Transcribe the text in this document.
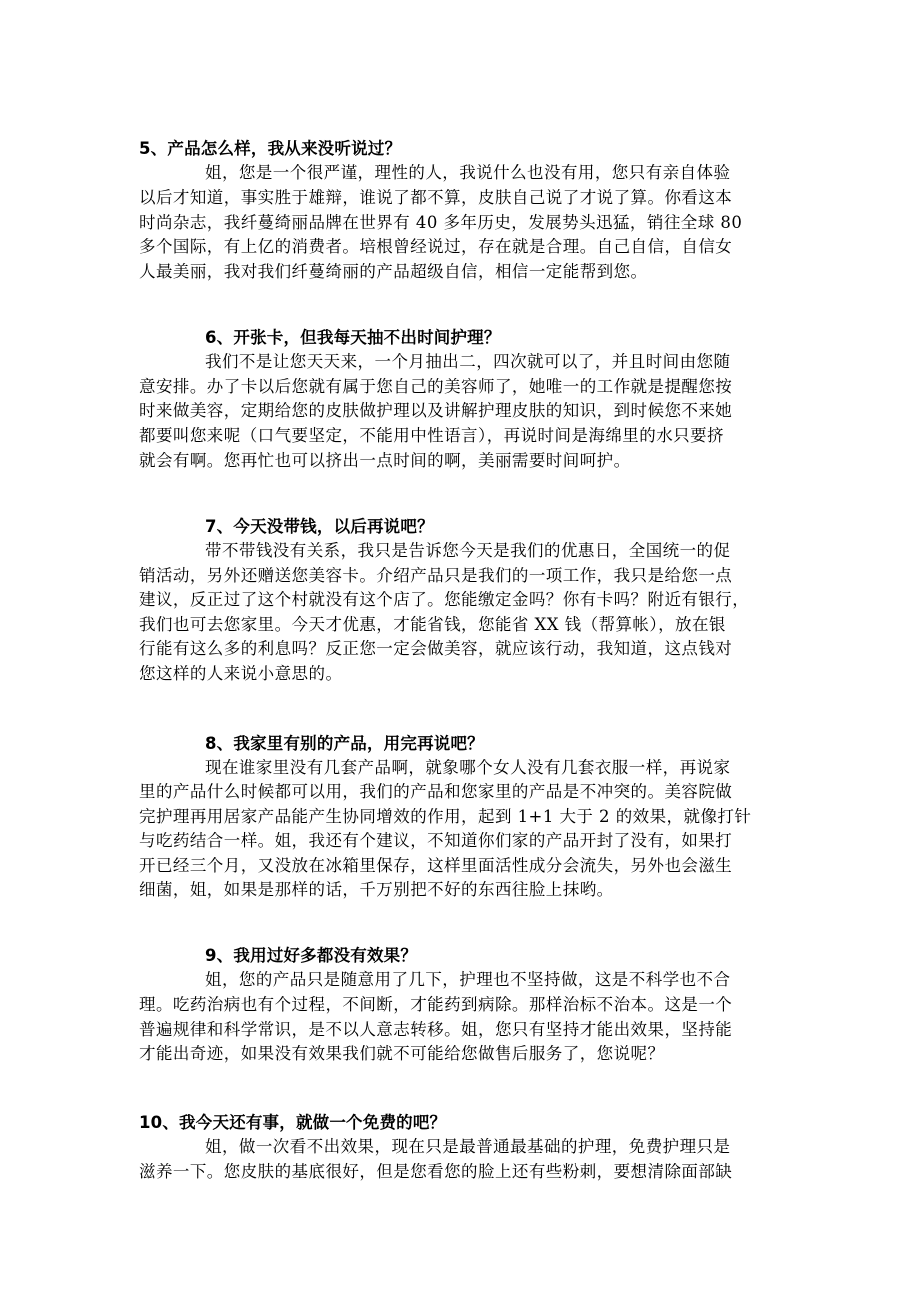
5、产品怎么样，我从来没听说过？
姐，您是一个很严谨，理性的人，我说什么也没有用，您只有亲自体验
以后才知道，事实胜于雄辩，谁说了都不算，皮肤自己说了才说了算。你看这本
时尚杂志，我纤蔓绮丽品牌在世界有 40 多年历史，发展势头迅猛，销往全球 80
多个国际，有上亿的消费者。培根曾经说过，存在就是合理。自己自信，自信女
人最美丽，我对我们纤蔓绮丽的产品超级自信，相信一定能帮到您。
6、开张卡，但我每天抽不出时间护理？
我们不是让您天天来，一个月抽出二，四次就可以了，并且时间由您随
意安排。办了卡以后您就有属于您自己的美容师了，她唯一的工作就是提醒您按
时来做美容，定期给您的皮肤做护理以及讲解护理皮肤的知识，到时候您不来她
都要叫您来呢（口气要坚定，不能用中性语言），再说时间是海绵里的水只要挤
就会有啊。您再忙也可以挤出一点时间的啊，美丽需要时间呵护。
7、今天没带钱，以后再说吧？
带不带钱没有关系，我只是告诉您今天是我们的优惠日，全国统一的促
销活动，另外还赠送您美容卡。介绍产品只是我们的一项工作，我只是给您一点
建议，反正过了这个村就没有这个店了。您能缴定金吗？你有卡吗？附近有银行，
我们也可去您家里。今天才优惠，才能省钱，您能省 XX 钱（帮算帐），放在银
行能有这么多的利息吗？反正您一定会做美容，就应该行动，我知道，这点钱对
您这样的人来说小意思的。
8、我家里有别的产品，用完再说吧？
现在谁家里没有几套产品啊，就象哪个女人没有几套衣服一样，再说家
里的产品什么时候都可以用，我们的产品和您家里的产品是不冲突的。美容院做
完护理再用居家产品能产生协同增效的作用，起到 1+1 大于 2 的效果，就像打针
与吃药结合一样。姐，我还有个建议，不知道你们家的产品开封了没有，如果打
开已经三个月，又没放在冰箱里保存，这样里面活性成分会流失，另外也会滋生
细菌，姐，如果是那样的话，千万别把不好的东西往脸上抹哟。
9、我用过好多都没有效果？
姐，您的产品只是随意用了几下，护理也不坚持做，这是不科学也不合
理。吃药治病也有个过程，不间断，才能药到病除。那样治标不治本。这是一个
普遍规律和科学常识，是不以人意志转移。姐，您只有坚持才能出效果，坚持能
才能出奇迹，如果没有效果我们就不可能给您做售后服务了，您说呢？
10、我今天还有事，就做一个免费的吧？
姐，做一次看不出效果，现在只是最普通最基础的护理，免费护理只是
滋养一下。您皮肤的基底很好，但是您看您的脸上还有些粉刺，要想清除面部缺
